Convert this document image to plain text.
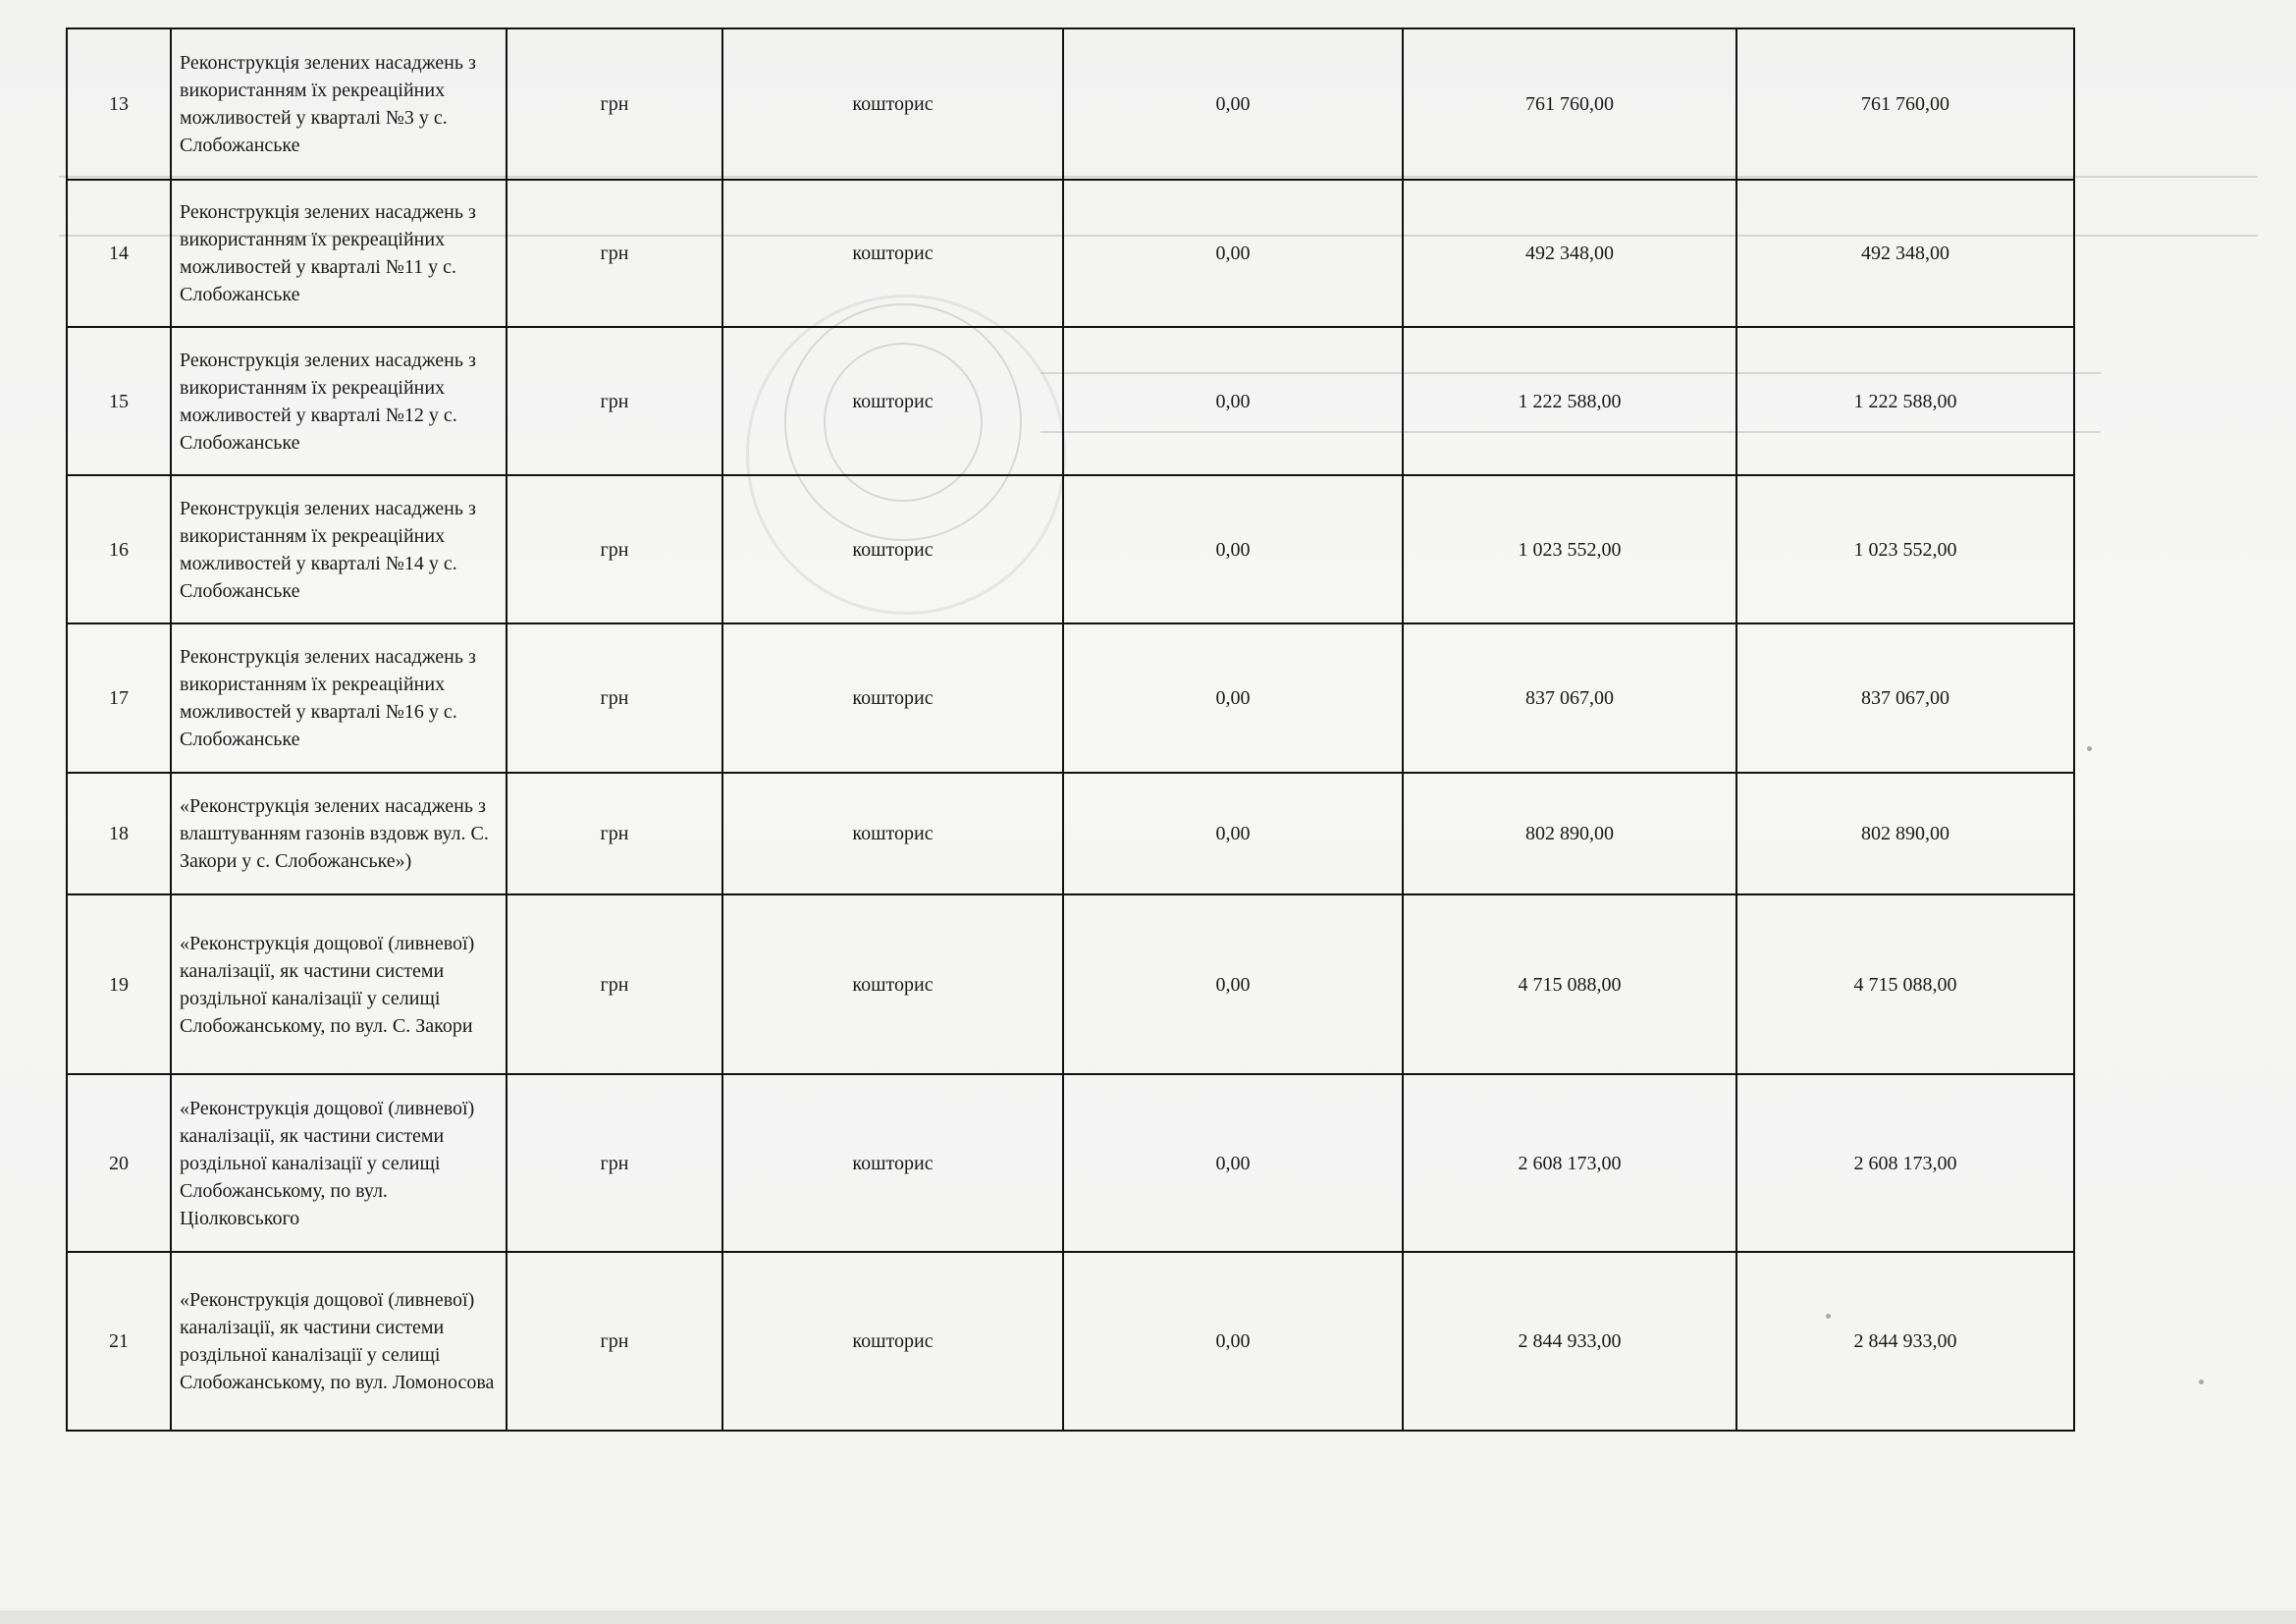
13	Реконструкція зелених насаджень з використанням їх рекреаційних можливостей у кварталі №3 у с. Слобожанське	грн	кошторис	0,00	761 760,00	761 760,00
14	Реконструкція зелених насаджень з використанням їх рекреаційних можливостей у кварталі №11 у с. Слобожанське	грн	кошторис	0,00	492 348,00	492 348,00
15	Реконструкція зелених насаджень з використанням їх рекреаційних можливостей у кварталі №12 у с. Слобожанське	грн	кошторис	0,00	1 222 588,00	1 222 588,00
16	Реконструкція зелених насаджень з використанням їх рекреаційних можливостей у кварталі №14 у с. Слобожанське	грн	кошторис	0,00	1 023 552,00	1 023 552,00
17	Реконструкція зелених насаджень з використанням їх рекреаційних можливостей у кварталі №16 у с. Слобожанське	грн	кошторис	0,00	837 067,00	837 067,00
18	«Реконструкція зелених насаджень з влаштуванням газонів вздовж вул. С. Закори у с. Слобожанське»)	грн	кошторис	0,00	802 890,00	802 890,00
19	«Реконструкція дощової (ливневої) каналізації, як частини системи роздільної каналізації у селищі Слобожанському, по вул. С. Закори	грн	кошторис	0,00	4 715 088,00	4 715 088,00
20	«Реконструкція дощової (ливневої) каналізації, як частини системи роздільної каналізації у селищі Слобожанському, по вул. Ціолковського	грн	кошторис	0,00	2 608 173,00	2 608 173,00
21	«Реконструкція дощової (ливневої) каналізації, як частини системи роздільної каналізації у селищі Слобожанському, по вул. Ломоносова	грн	кошторис	0,00	2 844 933,00	2 844 933,00
